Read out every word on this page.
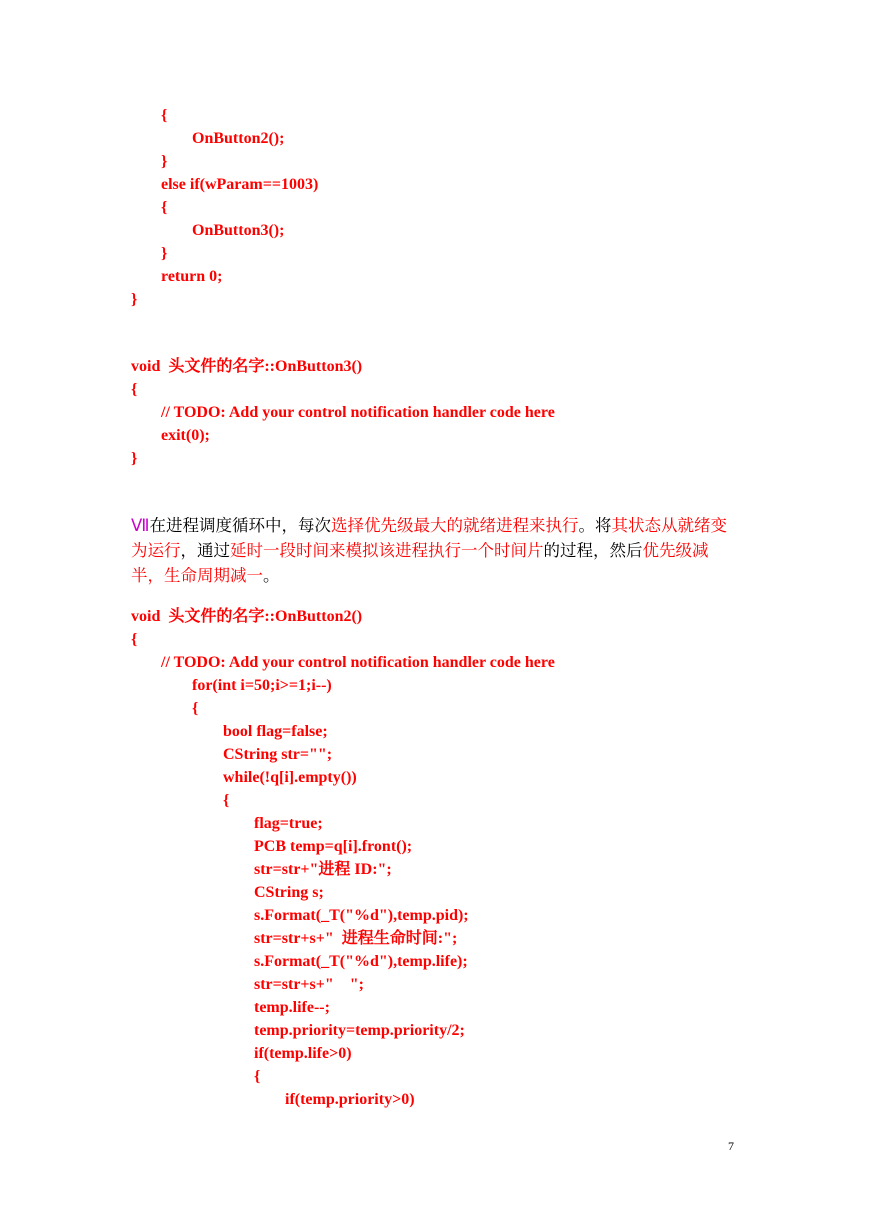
{
OnButton2();
}
else if(wParam==1003)
{
OnButton3();
}
return 0;
}
void  头文件的名字::OnButton3()
{
// TODO: Add your control notification handler code here
exit(0);
}
Ⅶ在进程调度循环中，每次选择优先级最大的就绪进程来执行。将其状态从就绪变为运行，通过延时一段时间来模拟该进程执行一个时间片的过程，然后优先级减半，生命周期减一。
void  头文件的名字::OnButton2()
{
// TODO: Add your control notification handler code here
for(int i=50;i>=1;i--)
{
bool flag=false;
CString str="";
while(!q[i].empty())
{
flag=true;
PCB temp=q[i].front();
str=str+"进程 ID:";
CString s;
s.Format(_T("%d"),temp.pid);
str=str+s+"  进程生命时间:";
s.Format(_T("%d"),temp.life);
str=str+s+"    ";
temp.life--;
temp.priority=temp.priority/2;
if(temp.life>0)
{
if(temp.priority>0)
7
